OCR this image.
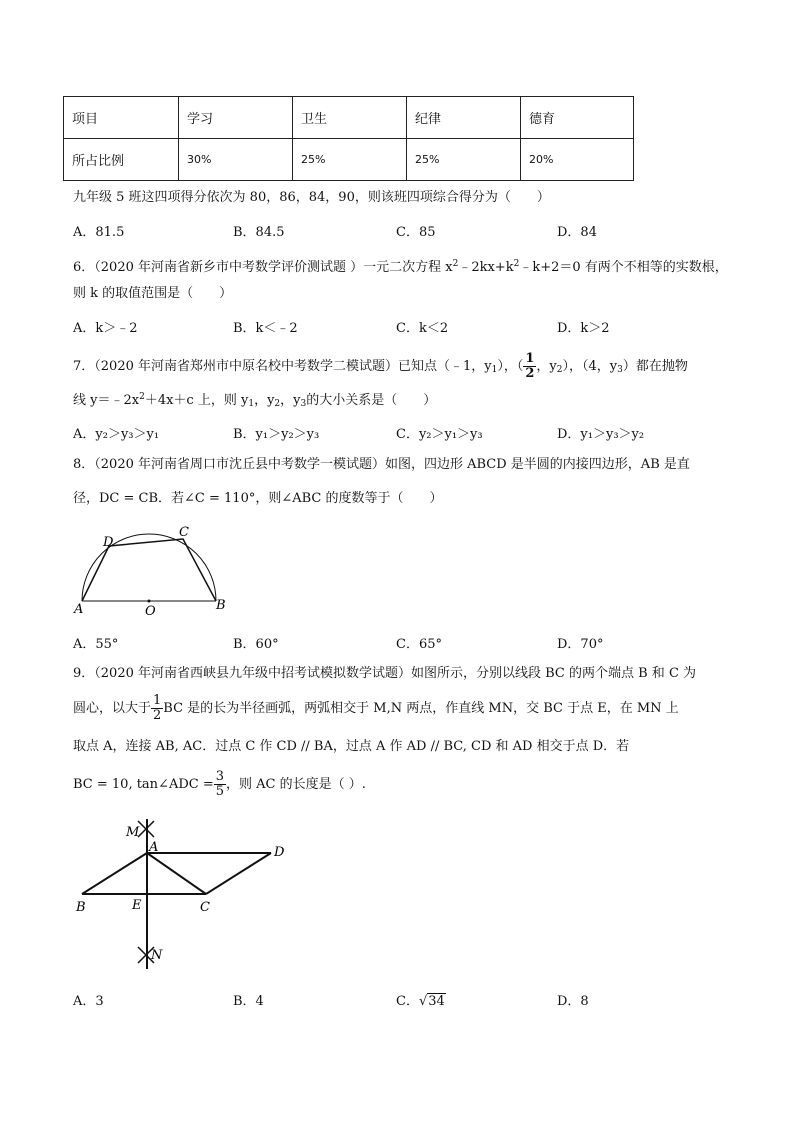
项目	学习	卫生	纪律	德育
所占比例	30%	25%	25%	20%
九年级 5 班这四项得分依次为 80，86，84，90，则该班四项综合得分为（　　）
A．81.5	B．84.5	C．85	D．84
6．（2020 年河南省新乡市中考数学评价测试题 ）一元二次方程 $x^2﹣2kx+k^2﹣k+2=0$ 有两个不相等的实数根，
则 k 的取值范围是（　　）
A．k＞﹣2	B．k＜﹣2	C．k＜2	D．k＞2
7．（2020 年河南省郑州市中原名校中考数学二模试题）已知点（﹣1，$y_1$），（ $\frac{1}{2}$ ，$y_2$），（4，$y_3$）都在抛物
线 $y=﹣2x^2+4x+c$ 上，则 $y_1$，$y_2$，$y_3$的大小关系是（　　）
A．y₂＞y₃＞y₁	B．y₁＞y₂＞y₃	C．y₂＞y₁＞y₃	D．y₁＞y₃＞y₂
8．（2020 年河南省周口市沈丘县中考数学一模试题）如图，四边形 ABCD 是半圆的内接四边形，AB 是直
径，DC = CB．若∠C = 110°，则∠ABC 的度数等于（　　）
A	O	B
C
D
A．55°	B．60°	C．65°	D．70°
9．（2020 年河南省西峡县九年级中招考试模拟数学试题）如图所示，分别以线段 BC 的两个端点 B 和 C 为
圆心，以大于 $\frac{1}{2}$ BC 是的长为半径画弧，两弧相交于 M,N 两点，作直线 MN，交 BC 于点 E，在 MN 上
取点 A，连接 AB, AC．过点 C 作 CD // BA，过点 A 作 AD // BC, CD 和 AD 相交于点 D．若
BC = 10, tan∠ADC = $\frac{3}{5}$ ，则 AC 的长度是（ ）.
M
A	D
B	E	C
N
A．3	B．4	C．√34	D．8
